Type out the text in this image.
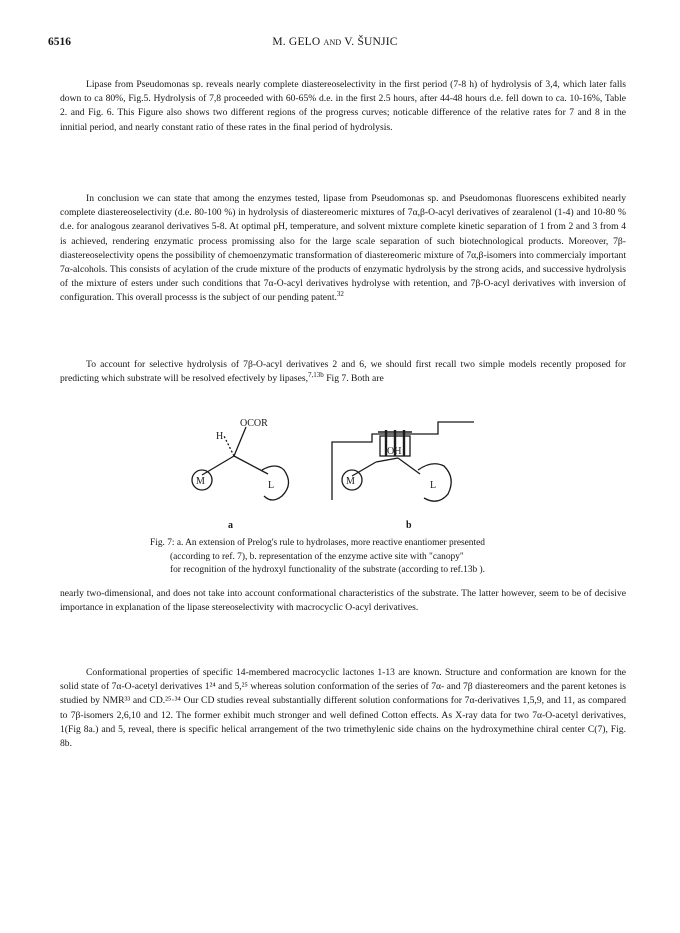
6516	M. GELO and V. ŠUNJIC

Lipase from Pseudomonas sp. reveals nearly complete diastereoselectivity in the first period (7-8 h) of hydrolysis of 3,4, which later falls down to ca 80%, Fig.5. Hydrolysis of 7,8 proceeded with 60-65% d.e. in the first 2.5 hours, after 44-48 hours d.e. fell down to ca. 10-16%, Table 2. and Fig. 6. This Figure also shows two different regions of the progress curves; noticable difference of the relative rates for 7 and 8 in the innitial period, and nearly constant ratio of these rates in the final period of hydrolysis.

In conclusion we can state that among the enzymes tested, lipase from Pseudomonas sp. and Pseudomonas fluorescens exhibited nearly complete diastereoselectivity (d.e. 80-100 %) in hydrolysis of diastereomeric mixtures of 7α,β-O-acyl derivatives of zearalenol (1-4) and 10-80 % d.e. for analogous zearanol derivatives 5-8. At optimal pH, temperature, and solvent mixture complete kinetic separation of 1 from 2 and 3 from 4 is achieved, rendering enzymatic process promissing also for the large scale separation of such biotechnological products. Moreover, 7β-diastereoselectivity opens the possibility of chemoenzymatic transformation of diastereomeric mixture of 7α,β-isomers into commercialy important 7α-alcohols. This consists of acylation of the crude mixture of the products of enzymatic hydrolysis by the strong acids, and successive hydrolysis of the mixture of esters under such conditions that 7α-O-acyl derivatives hydrolyse with retention, and 7β-O-acyl derivatives with inversion of configuration. This overall processs is the subject of our pending patent.$^{32}$

To account for selective hydrolysis of 7β-O-acyl derivatives 2 and 6, we should first recall two simple models recently proposed for predicting which substrate will be resolved efectively by lipases,$^{7,13b}$ Fig 7. Both are

H
OCOR
M	L
OH
M	L
a	b
Fig. 7: a. An extension of Prelog's rule to hydrolases, more reactive enantiomer presented
(according to ref. 7), b. representation of the enzyme active site with "canopy"
for recognition of the hydroxyl functionality of the substrate (according to ref.13b ).

nearly two-dimensional, and does not take into account conformational characteristics of the substrate. The latter however, seem to be of decisive importance in explanation of the lipase stereoselectivity with macrocyclic O-acyl derivatives.

Conformational properties of specific 14-membered macrocyclic lactones 1-13 are known. Structure and conformation are known for the solid state of 7α-O-acetyl derivatives 1²⁴ and 5,²⁵ whereas solution conformation of the series of 7α- and 7β diastereomers and the parent ketones is studied by NMR³³ and CD.²⁵·³⁴ Our CD studies reveal substantially different solution conformations for 7α-derivatives 1,5,9, and 11, as compared to 7β-isomers 2,6,10 and 12. The former exhibit much stronger and well defined Cotton effects. As X-ray data for two 7α-O-acetyl derivatives, 1(Fig 8a.) and 5, reveal, there is specific helical arrangement of the two trimethylenic side chains on the hydroxymethine chiral center C(7), Fig. 8b.
